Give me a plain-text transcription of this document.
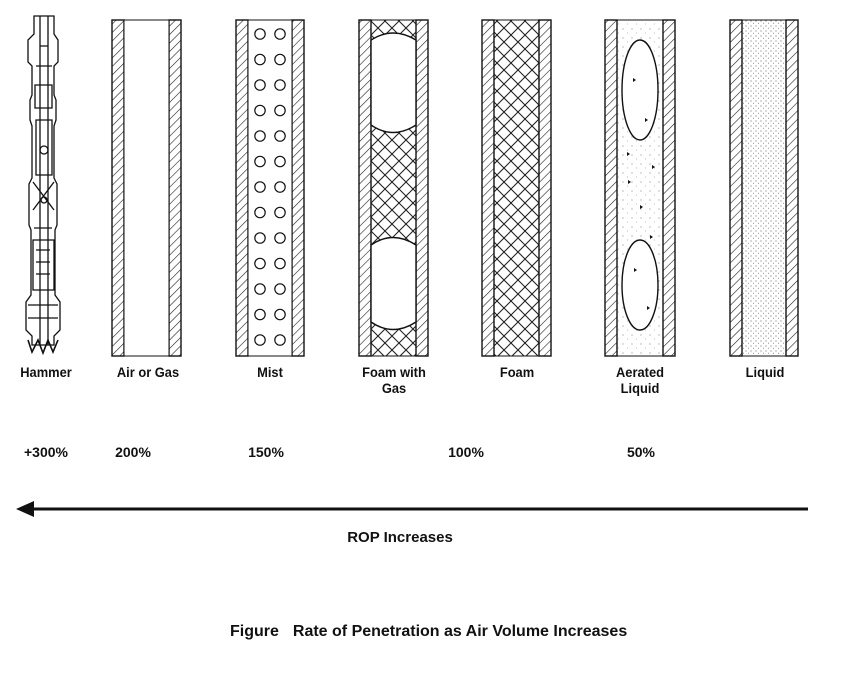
Hammer	Air or Gas	Mist	Foam with Gas
Foam	Aerated Liquid
Liquid
+300%	200%	150%	100%	50%
ROP Increases
Figure Rate of Penetration as Air Volume Increases
